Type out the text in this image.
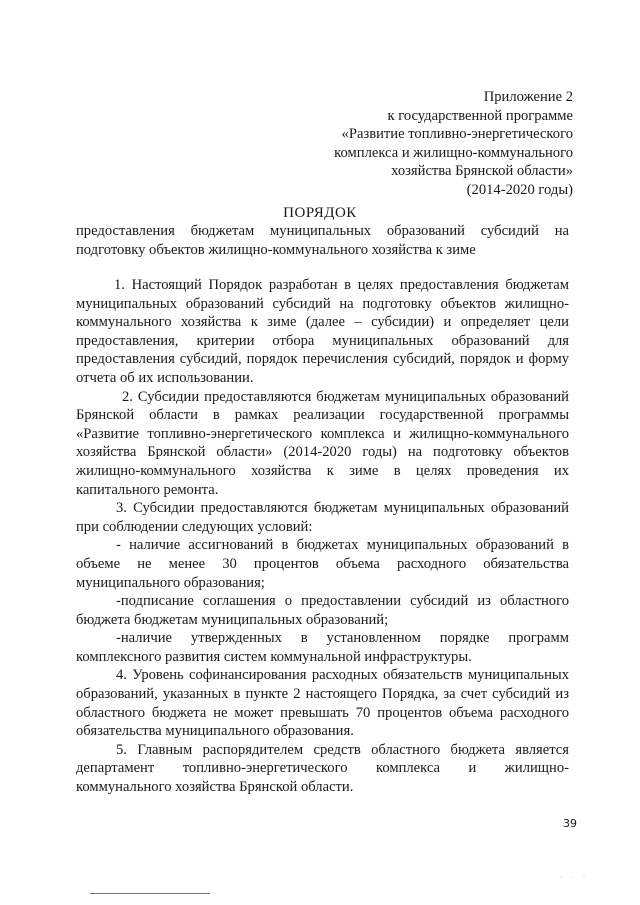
Приложение 2
к государственной программе
«Развитие топливно-энергетического
комплекса и жилищно-коммунального
хозяйства Брянской области»
(2014-2020 годы)
ПОРЯДОК

предоставления бюджетам муниципальных образований субсидий на

подготовку объектов жилищно-коммунального хозяйства к зиме

1. Настоящий Порядок разработан в целях предоставления бюджетам

муниципальных образований субсидий на подготовку объектов жилищно-

коммунального хозяйства к зиме (далее – субсидии) и определяет цели

предоставления, критерии отбора муниципальных образований для

предоставления субсидий, порядок перечисления субсидий, порядок и форму

отчета об их использовании.

2. Субсидии предоставляются бюджетам муниципальных образований

Брянской области в рамках реализации государственной программы

«Развитие топливно-энергетического комплекса и жилищно-коммунального

хозяйства Брянской области» (2014-2020 годы) на подготовку объектов

жилищно-коммунального хозяйства к зиме в целях проведения их

капитального ремонта.

3. Субсидии предоставляются бюджетам муниципальных образований

при соблюдении следующих условий:

- наличие ассигнований в бюджетах муниципальных образований в

объеме не менее 30 процентов объема расходного обязательства

муниципального образования;

-подписание соглашения о предоставлении субсидий из областного

бюджета бюджетам муниципальных образований;

-наличие утвержденных в установленном порядке программ

комплексного развития систем коммунальной инфраструктуры.

4. Уровень софинансирования расходных обязательств муниципальных

образований, указанных в пункте 2 настоящего Порядка, за счет субсидий из

областного бюджета не может превышать 70 процентов объема расходного

обязательства муниципального образования.

5. Главным распорядителем средств областного бюджета является

департамент топливно-энергетического комплекса и жилищно-

коммунального хозяйства Брянской области.

39
· · ·
